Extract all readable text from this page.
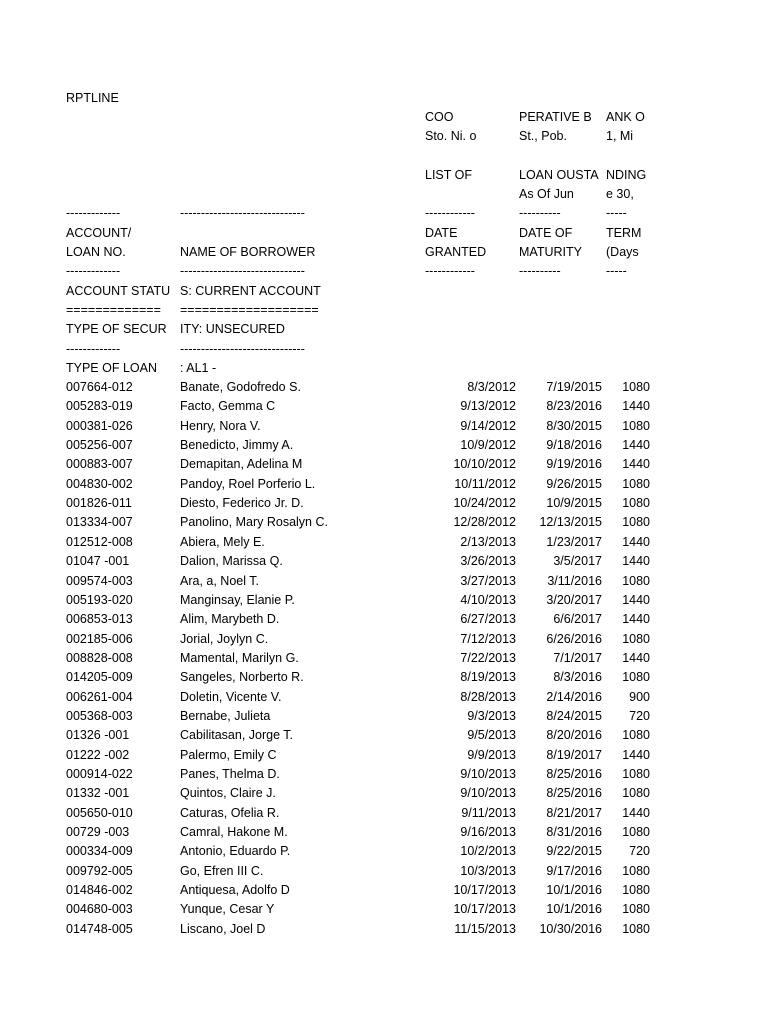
RPTLINE
COO	PERATIVE B ANK O
Sto. Ni. o	St., Pob.	1, Mi
LIST OF	LOAN OUSTA NDING
As Of Jun	e 30,
-------------	------------------------------	------------	----------	-----
ACCOUNT/	DATE	DATE OF	TERM
LOAN NO.	NAME OF BORROWER	GRANTED	MATURITY (Days
-------------	------------------------------	------------	----------	-----
ACCOUNT STATU S: CURRENT ACCOUNT
============= ===================
TYPE OF SECUR ITY: UNSECURED
-------------	------------------------------
TYPE OF LOAN : AL1 -
007664-012	Banate, Godofredo S.	8/3/2012 7/19/2015 1080
005283-019	Facto, Gemma C	9/13/2012 8/23/2016 1440
000381-026	Henry, Nora V.	9/14/2012 8/30/2015 1080
005256-007	Benedicto, Jimmy A.	10/9/2012 9/18/2016 1440
000883-007	Demapitan, Adelina M	10/10/2012 9/19/2016 1440
004830-002	Pandoy, Roel Porferio L.	10/11/2012 9/26/2015 1080
001826-011	Diesto, Federico Jr. D.	10/24/2012 10/9/2015 1080
013334-007	Panolino, Mary Rosalyn C.	12/28/2012 12/13/2015 1080
012512-008	Abiera, Mely E.	2/13/2013 1/23/2017 1440
01047 -001	Dalion, Marissa Q.	3/26/2013	3/5/2017 1440
009574-003	Ara, a, Noel T.	3/27/2013	3/11/2016 1080
005193-020	Manginsay, Elanie P.	4/10/2013 3/20/2017 1440
006853-013	Alim, Marybeth D.	6/27/2013	6/6/2017 1440
002185-006	Jorial, Joylyn C.	7/12/2013 6/26/2016 1080
008828-008	Mamental, Marilyn G.	7/22/2013	7/1/2017 1440
014205-009	Sangeles, Norberto R.	8/19/2013	8/3/2016 1080
006261-004	Doletin, Vicente V.	8/28/2013 2/14/2016 900
005368-003	Bernabe, Julieta	9/3/2013 8/24/2015 720
01326 -001	Cabilitasan, Jorge T.	9/5/2013 8/20/2016 1080
01222 -002	Palermo, Emily C	9/9/2013 8/19/2017 1440
000914-022	Panes, Thelma D.	9/10/2013 8/25/2016 1080
01332 -001	Quintos, Claire J.	9/10/2013 8/25/2016 1080
005650-010	Caturas, Ofelia R.	9/11/2013 8/21/2017 1440
00729 -003	Camral, Hakone M.	9/16/2013 8/31/2016 1080
000334-009	Antonio, Eduardo P.	10/2/2013 9/22/2015 720
009792-005	Go, Efren III C.	10/3/2013 9/17/2016 1080
014846-002	Antiquesa, Adolfo D	10/17/2013 10/1/2016 1080
004680-003	Yunque, Cesar Y	10/17/2013 10/1/2016 1080
014748-005	Liscano, Joel D	11/15/2013 10/30/2016 1080
